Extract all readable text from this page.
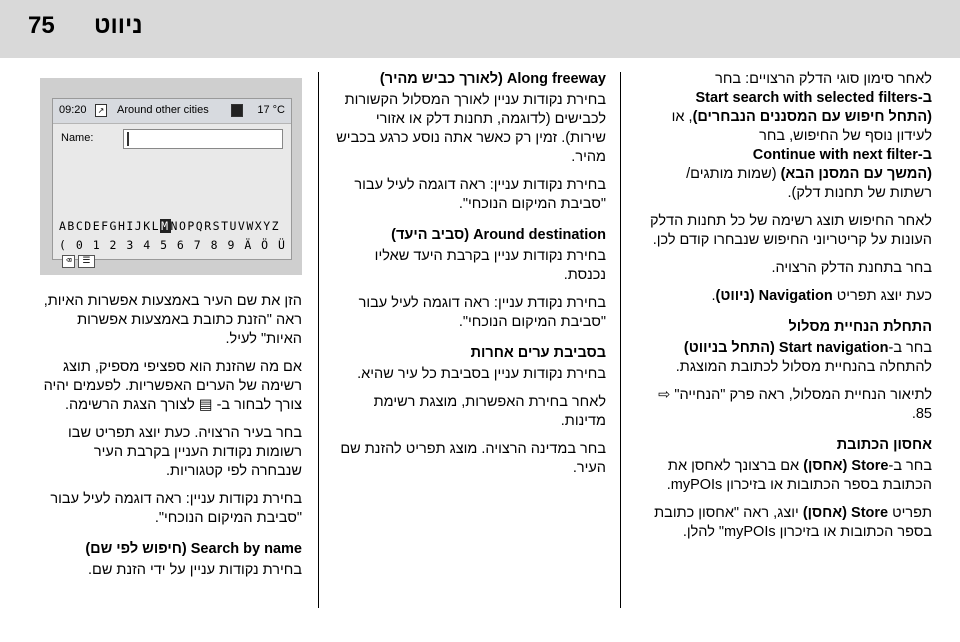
75 ניווט

לאחר סימון סוגי הדלק הרצויים: בחר
Start search with selected filters-ב
(התחל חיפוש עם המסננים הנבחרים), או
לעידון נוסף של החיפוש, בחר
Continue with next filter-ב
(המשך עם המסנן הבא) (שמות מותגים/
רשתות של תחנות דלק).

לאחר החיפוש תוצג רשימה של כל תחנות הדלק העונות על קריטריוני החיפוש שנבחרו קודם לכן.

בחר בתחנת הדלק הרצויה.

כעת יוצג תפריט Navigation (ניווט).

התחלת הנחיית מסלול

בחר ב-Start navigation (התחל בניווט)
להתחלה בהנחיית מסלול לכתובת המוצגת.

לתיאור הנחיית המסלול, ראה פרק "הנחייה" ⇨ 85.

אחסון הכתובת

בחר ב-Store (אחסן) אם ברצונך לאחסן את הכתובת בספר הכתובות או בזיכרון myPOIs.

תפריט Store (אחסן) יוצג, ראה "אחסון כתובת בספר הכתובות או בזיכרון myPOIs" להלן.

Along freeway (לאורך כביש מהיר)

בחירת נקודות עניין לאורך המסלול הקשורות לכבישים (לדוגמה, תחנות דלק או אזורי שירות). זמין רק כאשר אתה נוסע כרגע בכביש מהיר.

בחירת נקודות עניין: ראה דוגמה לעיל עבור "סביבת המיקום הנוכחי".

Around destination (סביב היעד)

בחירת נקודות עניין בקרבת היעד שאליו נכנסת.

בחירת נקודת עניין: ראה דוגמה לעיל עבור "סביבת המיקום הנוכחי".

בסביבת ערים אחרות

בחירת נקודות עניין בסביבת כל עיר שהיא.

לאחר בחירת האפשרות, מוצגת רשימת מדינות.

בחר במדינה הרצויה. מוצג תפריט להזנת שם העיר.

09:20	↗ Around other cities	17 °C
Name:
ABCDEFGHIJKLMNOPQRSTUVWXYZ
( 0 1 2 3 4 5 6 7 8 9 Ä Ö Ü⌫ ☰

הזן את שם העיר באמצעות אפשרות האיות, ראה "הזנת כתובת באמצעות אפשרות האיות" לעיל.

אם מה שהזנת הוא ספציפי מספיק, תוצג רשימה של הערים האפשריות. לפעמים יהיה צורך לבחור ב- ▤ לצורך הצגת הרשימה.

בחר בעיר הרצויה. כעת יוצג תפריט שבו רשומות נקודות העניין בקרבת העיר שנבחרה לפי קטגוריות.

בחירת נקודות עניין: ראה דוגמה לעיל עבור "סביבת המיקום הנוכחי".

Search by name (חיפוש לפי שם)

בחירת נקודות עניין על ידי הזנת שם.
